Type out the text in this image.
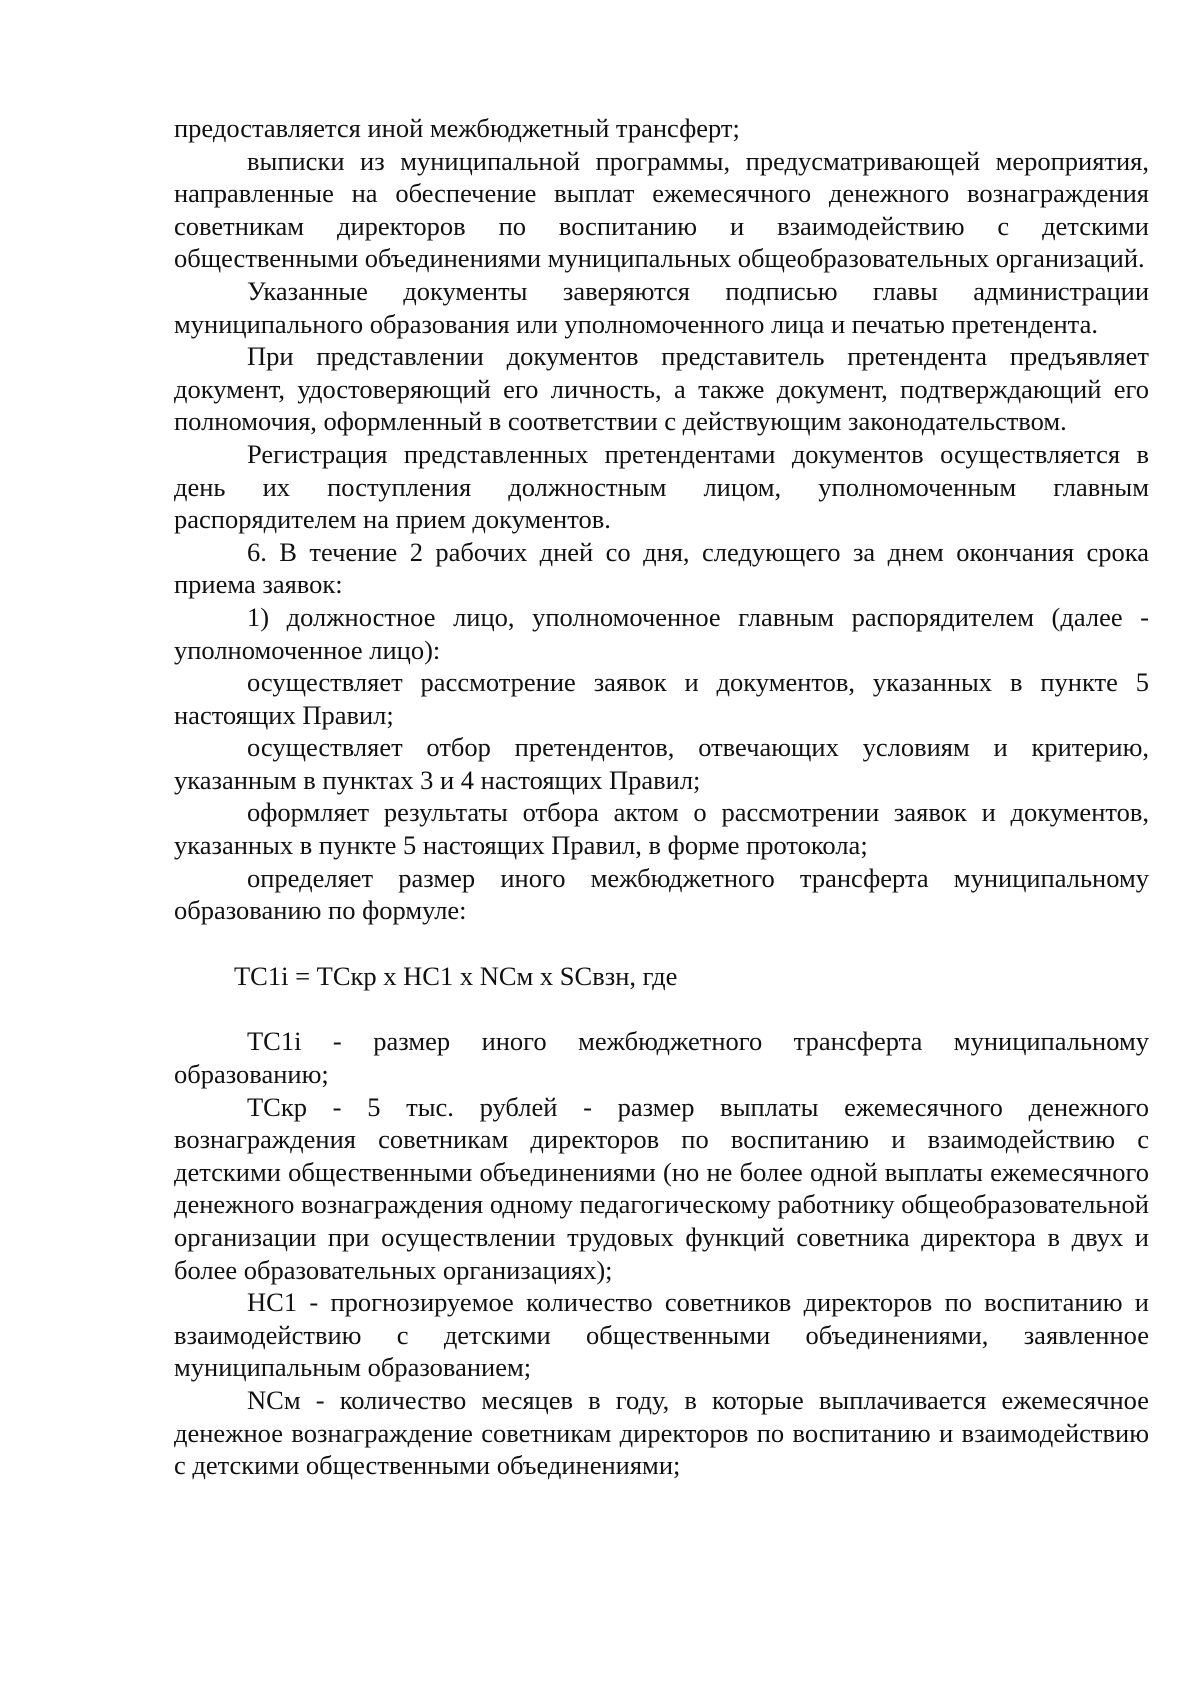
предоставляется иной межбюджетный трансферт;

выписки из муниципальной программы, предусматривающей мероприятия, направленные на обеспечение выплат ежемесячного денежного вознаграждения советникам директоров по воспитанию и взаимодействию с детскими общественными объединениями муниципальных общеобразовательных организаций.

Указанные документы заверяются подписью главы администрации муниципального образования или уполномоченного лица и печатью претендента.

При представлении документов представитель претендента предъявляет документ, удостоверяющий его личность, а также документ, подтверждающий его полномочия, оформленный в соответствии с действующим законодательством.

Регистрация представленных претендентами документов осуществляется в день их поступления должностным лицом, уполномоченным главным распорядителем на прием документов.

6. В течение 2 рабочих дней со дня, следующего за днем окончания срока приема заявок:

1) должностное лицо, уполномоченное главным распорядителем (далее - уполномоченное лицо):

осуществляет рассмотрение заявок и документов, указанных в пункте 5 настоящих Правил;

осуществляет отбор претендентов, отвечающих условиям и критерию, указанным в пунктах 3 и 4 настоящих Правил;

оформляет результаты отбора актом о рассмотрении заявок и документов, указанных в пункте 5 настоящих Правил, в форме протокола;

определяет размер иного межбюджетного трансферта муниципальному образованию по формуле:

ТС1i = ТСкр x НС1 x NСм x SСвзн, где

ТС1i - размер иного межбюджетного трансферта муниципальному образованию;

ТСкр - 5 тыс. рублей - размер выплаты ежемесячного денежного вознаграждения советникам директоров по воспитанию и взаимодействию с детскими общественными объединениями (но не более одной выплаты ежемесячного денежного вознаграждения одному педагогическому работнику общеобразовательной организации при осуществлении трудовых функций советника директора в двух и более образовательных организациях);

НС1 - прогнозируемое количество советников директоров по воспитанию и взаимодействию с детскими общественными объединениями, заявленное муниципальным образованием;

NСм - количество месяцев в году, в которые выплачивается ежемесячное денежное вознаграждение советникам директоров по воспитанию и взаимодействию с детскими общественными объединениями;
